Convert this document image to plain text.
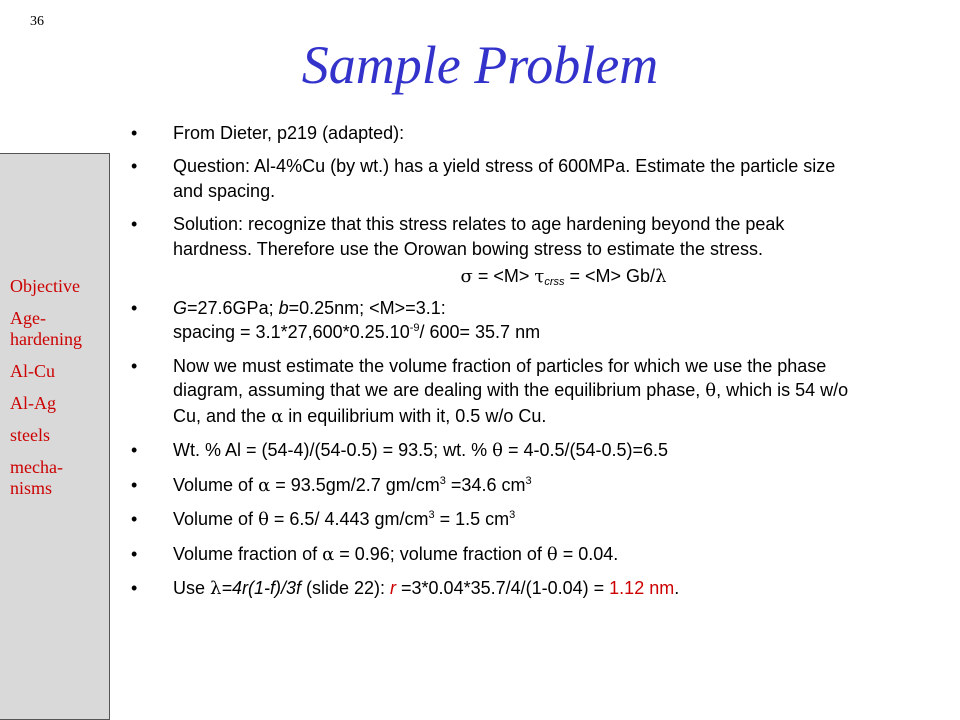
36
Sample Problem
Objective
Age-
hardening
Al-Cu
Al-Ag
steels
mecha-
nisms
• From Dieter, p219 (adapted):
• Question: Al-4%Cu (by wt.) has a yield stress of 600MPa. Estimate the particle size and spacing.
• Solution: recognize that this stress relates to age hardening beyond the peak hardness. Therefore use the Orowan bowing stress to estimate the stress.
$\sigma = <M> \tau_{crss} = <M> Gb/\lambda$
• G=27.6GPa; b=0.25nm; <M>=3.1:
spacing = $3.1*27,600*0.25.10^{-9}/$ 600= 35.7 nm
• Now we must estimate the volume fraction of particles for which we use the phase diagram, assuming that we are dealing with the equilibrium phase, θ, which is 54 w/o Cu, and the α in equilibrium with it, 0.5 w/o Cu.
• Wt. % Al = (54-4)/(54-0.5) = 93.5; wt. % θ = 4-0.5/(54-0.5)=6.5
• Volume of α = 93.5gm/2.7 $gm/cm^3 =34.6$ $cm^3$
• Volume of θ = 6.5/ 4.443 $gm/cm^3 = 1.5$ $cm^3$
• Volume fraction of α = 0.96; volume fraction of θ = 0.04.
• Use λ=4r(1-f)/3f (slide 22): r =3*0.04*35.7/4/(1-0.04) = 1.12 nm.
